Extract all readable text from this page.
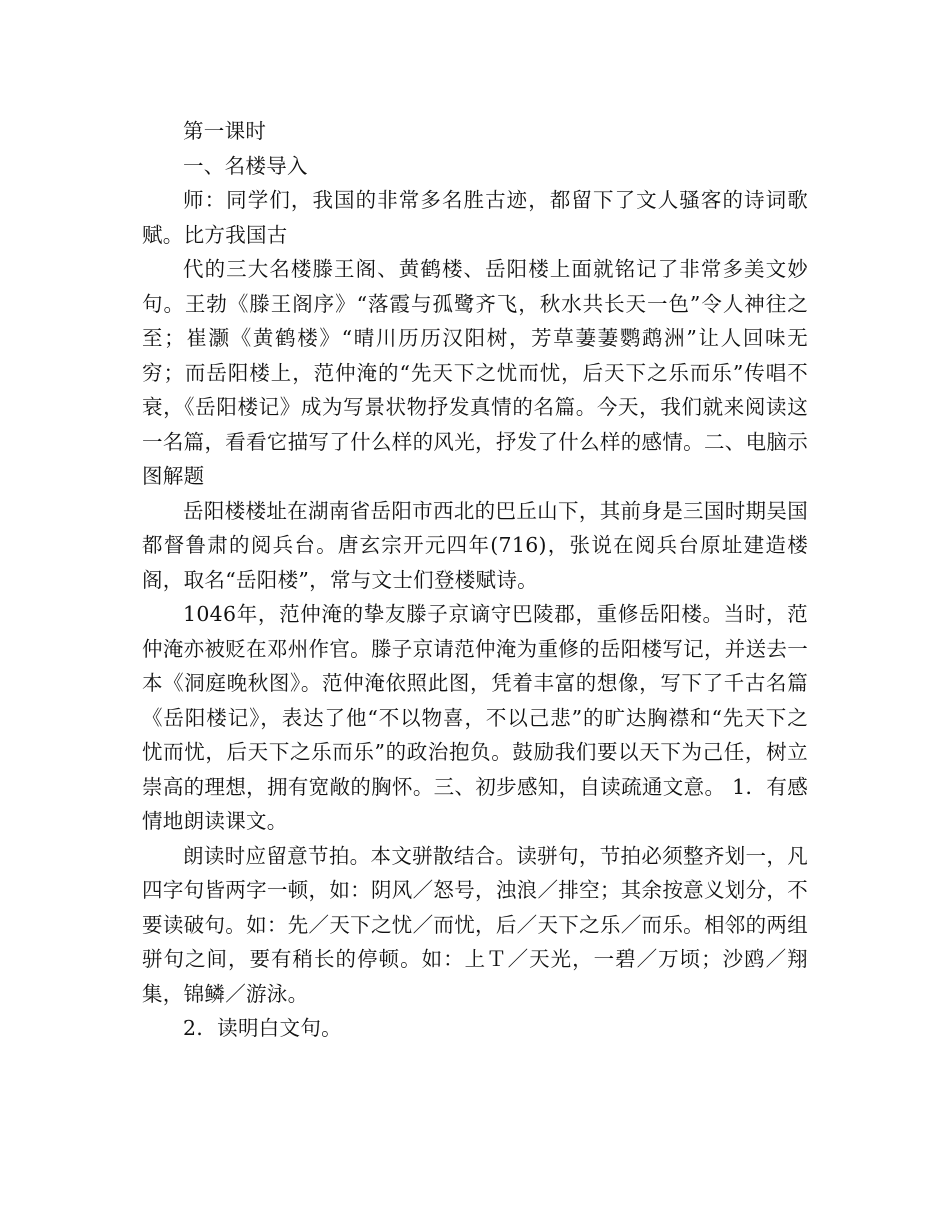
第一课时

一、名楼导入

师：同学们，我国的非常多名胜古迹，都留下了文人骚客的诗词歌赋。比方我国古

代的三大名楼滕王阁、黄鹤楼、岳阳楼上面就铭记了非常多美文妙句。王勃《滕王阁序》“落霞与孤鹭齐飞，秋水共长天一色”令人神往之至；崔灏《黄鹤楼》“晴川历历汉阳树，芳草萋萋鹦鹉洲”让人回味无穷；而岳阳楼上，范仲淹的“先天下之忧而忧，后天下之乐而乐”传唱不衰，《岳阳楼记》成为写景状物抒发真情的名篇。今天，我们就来阅读这一名篇，看看它描写了什么样的风光，抒发了什么样的感情。二、电脑示图解题

岳阳楼楼址在湖南省岳阳市西北的巴丘山下，其前身是三国时期吴国都督鲁肃的阅兵台。唐玄宗开元四年(716)，张说在阅兵台原址建造楼阁，取名“岳阳楼”，常与文士们登楼赋诗。

1046年，范仲淹的挚友滕子京谪守巴陵郡，重修岳阳楼。当时，范仲淹亦被贬在邓州作官。滕子京请范仲淹为重修的岳阳楼写记，并送去一本《洞庭晚秋图》。范仲淹依照此图，凭着丰富的想像，写下了千古名篇《岳阳楼记》，表达了他“不以物喜，不以己悲”的旷达胸襟和“先天下之忧而忧，后天下之乐而乐”的政治抱负。鼓励我们要以天下为己任，树立崇高的理想，拥有宽敞的胸怀。三、初步感知，自读疏通文意。 1．有感情地朗读课文。

朗读时应留意节拍。本文骈散结合。读骈句，节拍必须整齐划一，凡四字句皆两字一顿，如：阴风／怒号，浊浪／排空；其余按意义划分，不要读破句。如：先／天下之忧／而忧，后／天下之乐／而乐。相邻的两组骈句之间，要有稍长的停顿。如：上Ｔ／天光，一碧／万顷；沙鸥／翔集，锦鳞／游泳。

2．读明白文句。
